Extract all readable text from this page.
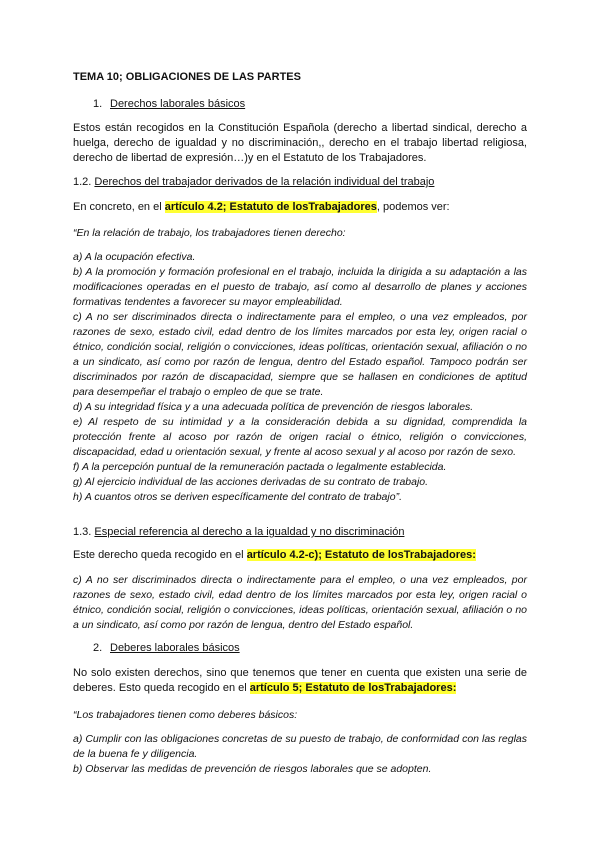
TEMA 10; OBLIGACIONES DE LAS PARTES

1. Derechos laborales básicos

Estos están recogidos en la Constitución Española (derecho a libertad sindical, derecho a huelga, derecho de igualdad y no discriminación,, derecho en el trabajo libertad religiosa, derecho de libertad de expresión…)y en el Estatuto de los Trabajadores.

1.2. Derechos del trabajador derivados de la relación individual del trabajo

En concreto, en el artículo 4.2; Estatuto de losTrabajadores, podemos ver:

“En la relación de trabajo, los trabajadores tienen derecho:

a) A la ocupación efectiva.
b) A la promoción y formación profesional en el trabajo, incluida la dirigida a su adaptación a las modificaciones operadas en el puesto de trabajo, así como al desarrollo de planes y acciones formativas tendentes a favorecer su mayor empleabilidad.
c) A no ser discriminados directa o indirectamente para el empleo, o una vez empleados, por razones de sexo, estado civil, edad dentro de los límites marcados por esta ley, origen racial o étnico, condición social, religión o convicciones, ideas políticas, orientación sexual, afiliación o no a un sindicato, así como por razón de lengua, dentro del Estado español. Tampoco podrán ser discriminados por razón de discapacidad, siempre que se hallasen en condiciones de aptitud para desempeñar el trabajo o empleo de que se trate.
d) A su integridad física y a una adecuada política de prevención de riesgos laborales.
e) Al respeto de su intimidad y a la consideración debida a su dignidad, comprendida la protección frente al acoso por razón de origen racial o étnico, religión o convicciones, discapacidad, edad u orientación sexual, y frente al acoso sexual y al acoso por razón de sexo.
f) A la percepción puntual de la remuneración pactada o legalmente establecida.
g) Al ejercicio individual de las acciones derivadas de su contrato de trabajo.
h) A cuantos otros se deriven específicamente del contrato de trabajo”.

1.3. Especial referencia al derecho a la igualdad y no discriminación

Este derecho queda recogido en el artículo 4.2-c); Estatuto de losTrabajadores:

c) A no ser discriminados directa o indirectamente para el empleo, o una vez empleados, por razones de sexo, estado civil, edad dentro de los límites marcados por esta ley, origen racial o étnico, condición social, religión o convicciones, ideas políticas, orientación sexual, afiliación o no a un sindicato, así como por razón de lengua, dentro del Estado español.

2. Deberes laborales básicos

No solo existen derechos, sino que tenemos que tener en cuenta que existen una serie de deberes. Esto queda recogido en el artículo 5; Estatuto de losTrabajadores:

“Los trabajadores tienen como deberes básicos:

a) Cumplir con las obligaciones concretas de su puesto de trabajo, de conformidad con las reglas de la buena fe y diligencia.
b) Observar las medidas de prevención de riesgos laborales que se adopten.
